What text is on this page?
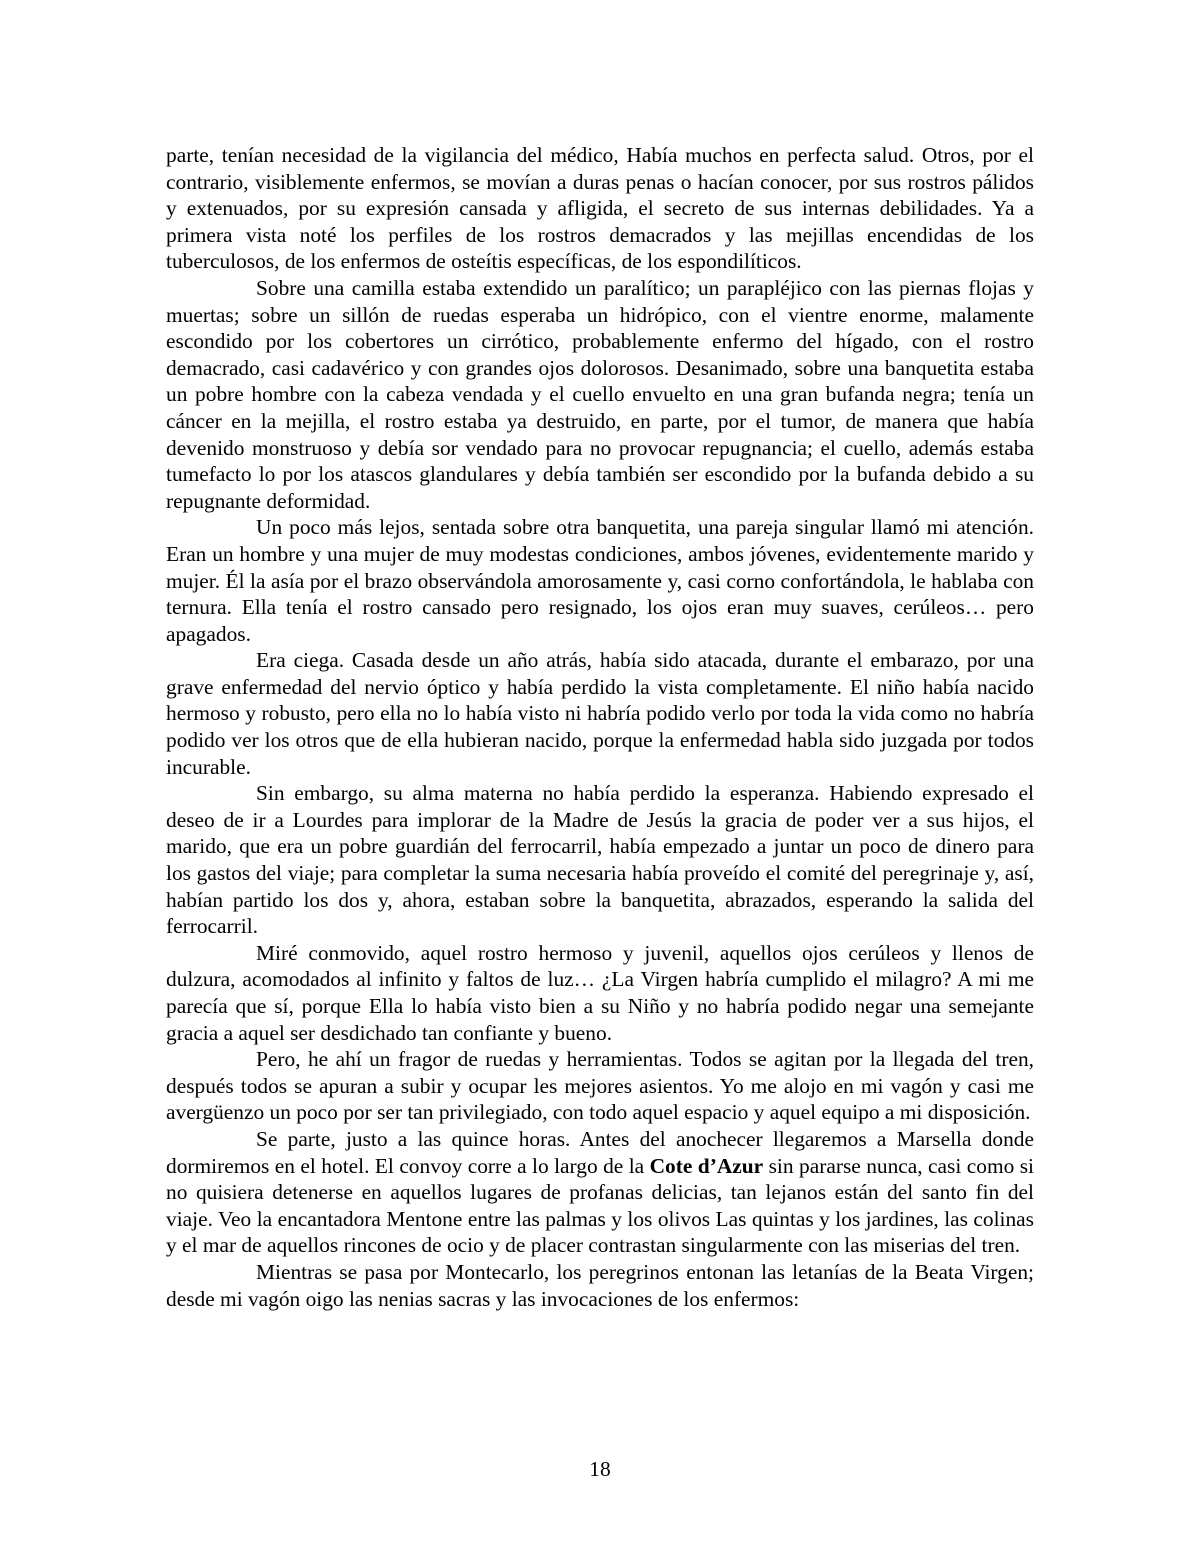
parte, tenían necesidad de la vigilancia del médico, Había muchos en perfecta salud. Otros, por el contrario, visiblemente enfermos, se movían a duras penas o hacían conocer, por sus rostros pálidos y extenuados, por su expresión cansada y afligida, el secreto de sus internas debilidades. Ya a primera vista noté los perfiles de los rostros demacrados y las mejillas encendidas de los tuberculosos, de los enfermos de osteítis específicas, de los espondilíticos.

Sobre una camilla estaba extendido un paralítico; un parapléjico con las piernas flojas y muertas; sobre un sillón de ruedas esperaba un hidrópico, con el vientre enorme, malamente escondido por los cobertores un cirrótico, probablemente enfermo del hígado, con el rostro demacrado, casi cadavérico y con grandes ojos dolorosos. Desanimado, sobre una banquetita estaba un pobre hombre con la cabeza vendada y el cuello envuelto en una gran bufanda negra; tenía un cáncer en la mejilla, el rostro estaba ya destruido, en parte, por el tumor, de manera que había devenido monstruoso y debía sor vendado para no provocar repugnancia; el cuello, además estaba tumefacto lo por los atascos glandulares y debía también ser escondido por la bufanda debido a su repugnante deformidad.

Un poco más lejos, sentada sobre otra banquetita, una pareja singular llamó mi atención. Eran un hombre y una mujer de muy modestas condiciones, ambos jóvenes, evidentemente marido y mujer. Él la asía por el brazo observándola amorosamente y, casi corno confortándola, le hablaba con ternura. Ella tenía el rostro cansado pero resignado, los ojos eran muy suaves, cerúleos… pero apagados.

Era ciega. Casada desde un año atrás, había sido atacada, durante el embarazo, por una grave enfermedad del nervio óptico y había perdido la vista completamente. El niño había nacido hermoso y robusto, pero ella no lo había visto ni habría podido verlo por toda la vida como no habría podido ver los otros que de ella hubieran nacido, porque la enfermedad habla sido juzgada por todos incurable.

Sin embargo, su alma materna no había perdido la esperanza. Habiendo expresado el deseo de ir a Lourdes para implorar de la Madre de Jesús la gracia de poder ver a sus hijos, el marido, que era un pobre guardián del ferrocarril, había empezado a juntar un poco de dinero para los gastos del viaje; para completar la suma necesaria había proveído el comité del peregrinaje y, así, habían partido los dos y, ahora, estaban sobre la banquetita, abrazados, esperando la salida del ferrocarril.

Miré conmovido, aquel rostro hermoso y juvenil, aquellos ojos cerúleos y llenos de dulzura, acomodados al infinito y faltos de luz… ¿La Virgen habría cumplido el milagro? A mi me parecía que sí, porque Ella lo había visto bien a su Niño y no habría podido negar una semejante gracia a aquel ser desdichado tan confiante y bueno.

Pero, he ahí un fragor de ruedas y herramientas. Todos se agitan por la llegada del tren, después todos se apuran a subir y ocupar les mejores asientos. Yo me alojo en mi vagón y casi me avergüenzo un poco por ser tan privilegiado, con todo aquel espacio y aquel equipo a mi disposición.

Se parte, justo a las quince horas. Antes del anochecer llegaremos a Marsella donde dormiremos en el hotel. El convoy corre a lo largo de la Cote d’Azur sin pararse nunca, casi como si no quisiera detenerse en aquellos lugares de profanas delicias, tan lejanos están del santo fin del viaje. Veo la encantadora Mentone entre las palmas y los olivos Las quintas y los jardines, las colinas y el mar de aquellos rincones de ocio y de placer contrastan singularmente con las miserias del tren.

Mientras se pasa por Montecarlo, los peregrinos entonan las letanías de la Beata Virgen; desde mi vagón oigo las nenias sacras y las invocaciones de los enfermos:

18
